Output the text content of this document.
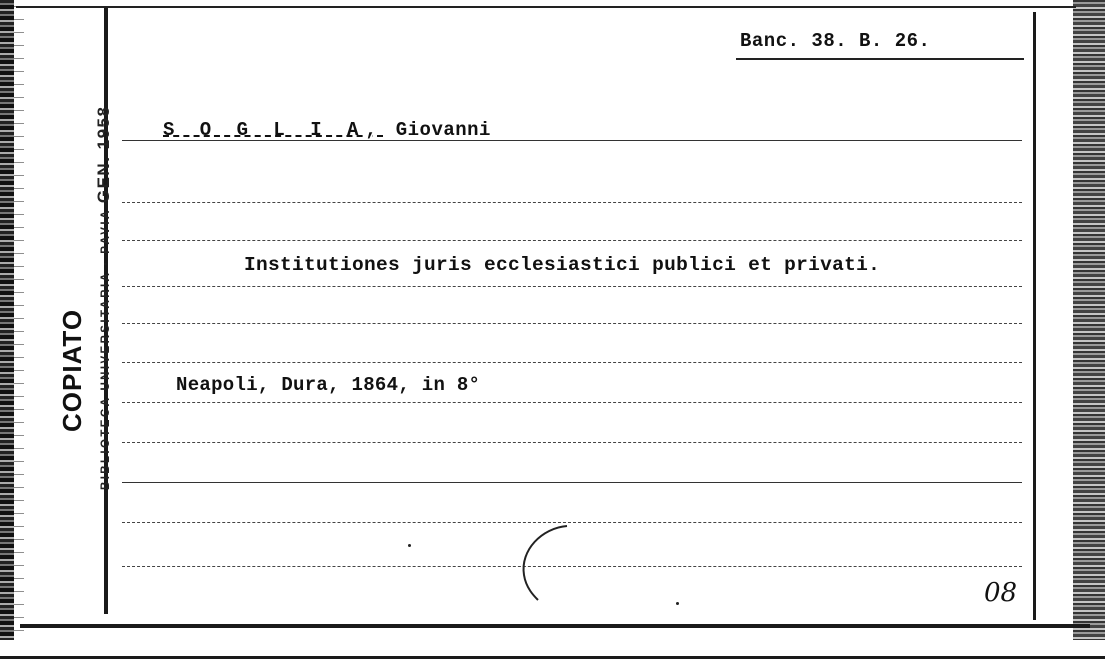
BIBLIOTECA UNIVERSITARIA · PAVIA GEN. 1958
COPIATO
Banc. 38. B. 26.
S O G L I A, Giovanni
Institutiones juris ecclesiastici publici et privati.
Neapoli, Dura, 1864, in 8°
08
